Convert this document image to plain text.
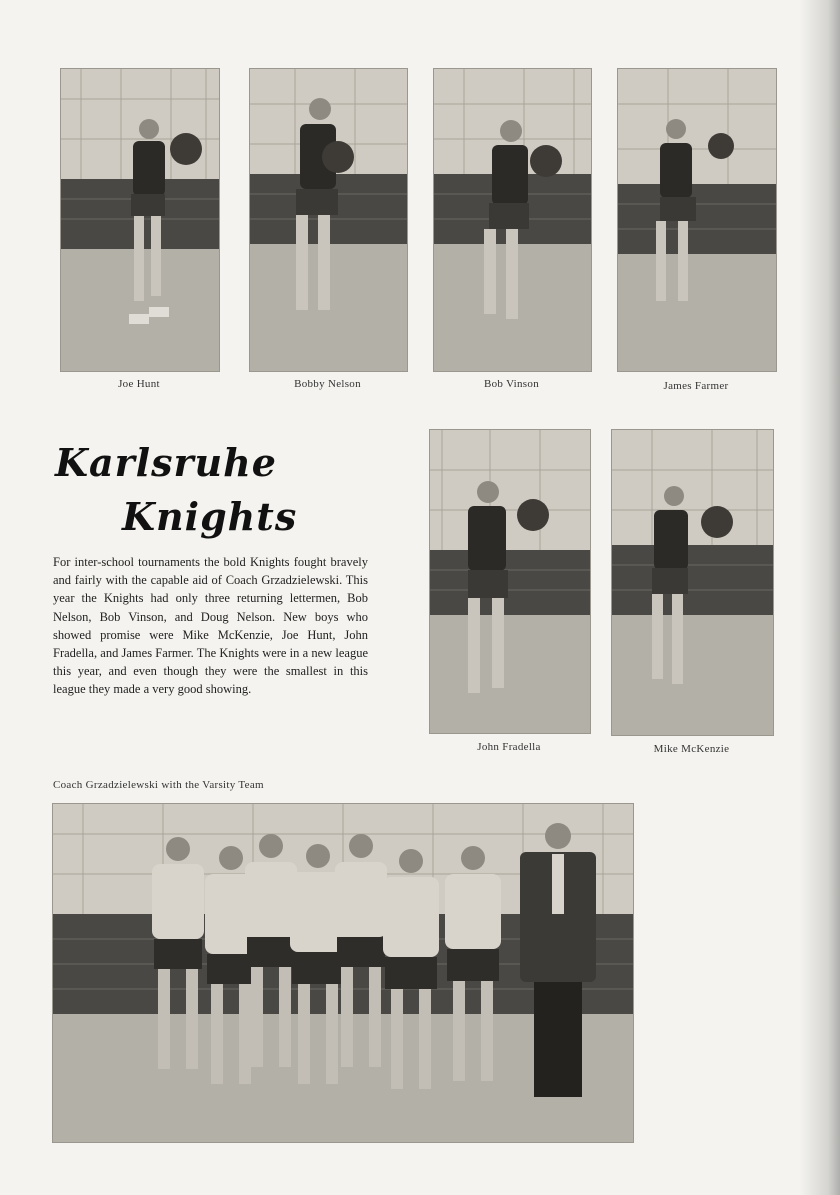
Joe Hunt	Bobby Nelson	Bob Vinson	James Farmer
Karlsruhe
Knights
For inter-school tournaments the bold Knights fought bravely and fairly with the capable aid of Coach Grzadzielewski. This year the Knights had only three returning lettermen, Bob Nelson, Bob Vinson, and Doug Nelson. New boys who showed promise were Mike McKenzie, Joe Hunt, John Fradella, and James Farmer. The Knights were in a new league this year, and even though they were the smallest in this league they made a very good showing.
John Fradella	Mike McKenzie
Coach Grzadzielewski with the Varsity Team
